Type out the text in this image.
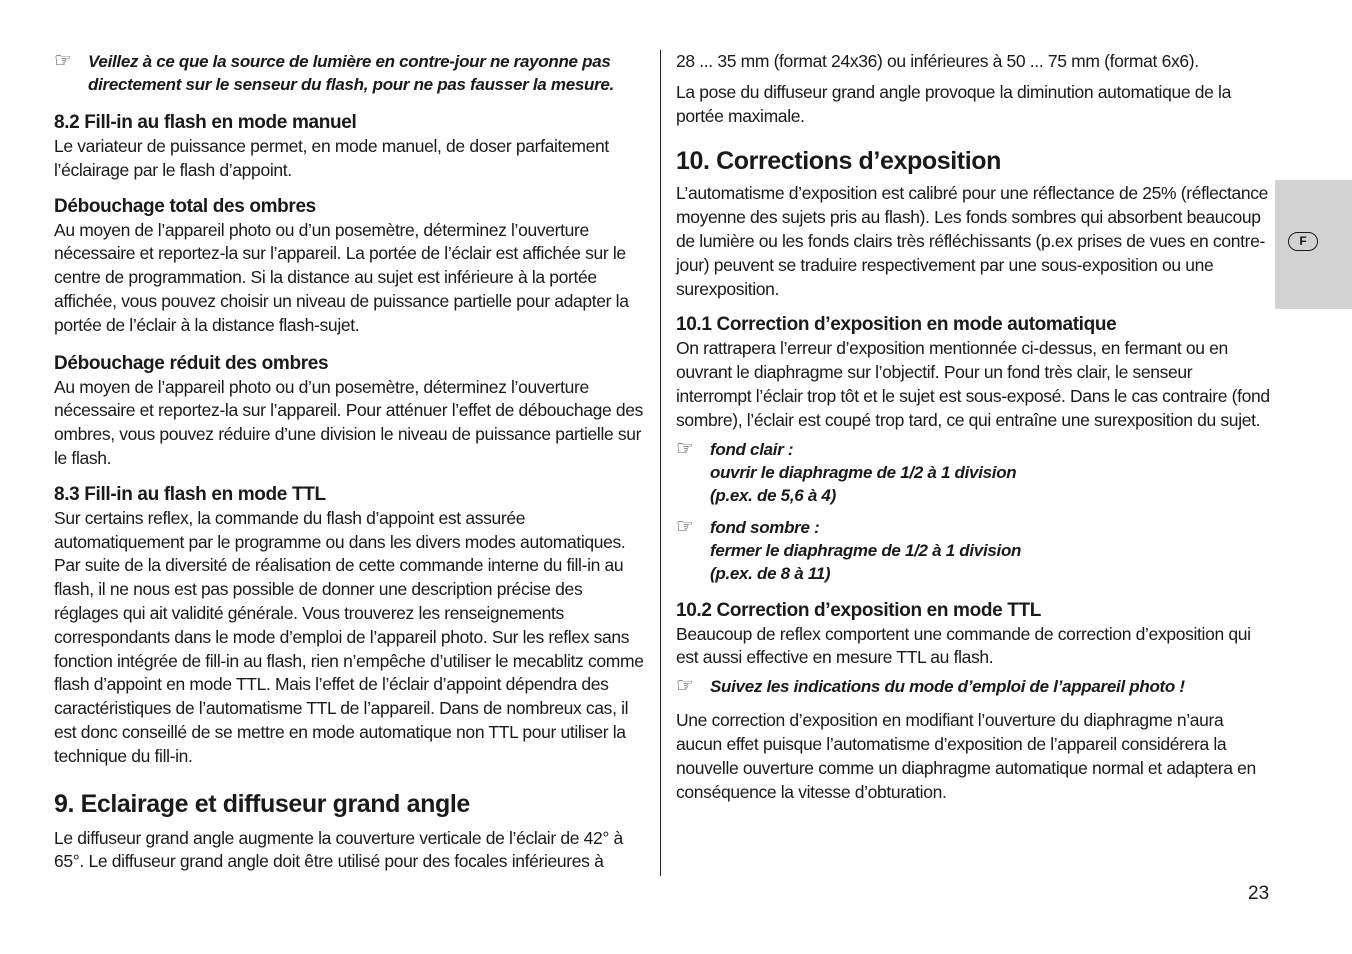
☞ Veillez à ce que la source de lumière en contre-jour ne rayonne pas
directement sur le senseur du flash, pour ne pas fausser la mesure.
8.2 Fill-in au flash en mode manuel

Le variateur de puissance permet, en mode manuel, de doser parfaitement l’éclairage par le flash d’appoint.

Débouchage total des ombres

Au moyen de l’appareil photo ou d’un posemètre, déterminez l’ouverture nécessaire et reportez-la sur l’appareil. La portée de l’éclair est affichée sur le centre de programmation. Si la distance au sujet est inférieure à la portée affichée, vous pouvez choisir un niveau de puissance partielle pour adapter la portée de l’éclair à la distance flash-sujet.

Débouchage réduit des ombres

Au moyen de l’appareil photo ou d’un posemètre, déterminez l’ouverture nécessaire et reportez-la sur l’appareil. Pour atténuer l’effet de débouchage des ombres, vous pouvez réduire d’une division le niveau de puissance partielle sur le flash.

8.3 Fill-in au flash en mode TTL

Sur certains reflex, la commande du flash d’appoint est assurée automatiquement par le programme ou dans les divers modes automatiques. Par suite de la diversité de réalisation de cette commande interne du fill-in au flash, il ne nous est pas possible de donner une description précise des réglages qui ait validité générale. Vous trouverez les renseignements correspondants dans le mode d’emploi de l’appareil photo. Sur les reflex sans fonction intégrée de fill-in au flash, rien n’empêche d’utiliser le mecablitz comme flash d’appoint en mode TTL. Mais l’effet de l’éclair d’appoint dépendra des caractéristiques de l’automatisme TTL de l’appareil. Dans de nombreux cas, il est donc conseillé de se mettre en mode automatique non TTL pour utiliser la technique du fill-in.

9. Eclairage et diffuseur grand angle

Le diffuseur grand angle augmente la couverture verticale de l’éclair de 42° à 65°. Le diffuseur grand angle doit être utilisé pour des focales inférieures à

28 ... 35 mm (format 24x36) ou inférieures à 50 ... 75 mm (format 6x6).

La pose du diffuseur grand angle provoque la diminution automatique de la portée maximale.

10. Corrections d’exposition

L’automatisme d’exposition est calibré pour une réflectance de 25% (réflectance moyenne des sujets pris au flash). Les fonds sombres qui absorbent beaucoup de lumière ou les fonds clairs très réfléchissants (p.ex prises de vues en contre-jour) peuvent se traduire respectivement par une sous-exposition ou une surexposition.

10.1 Correction d’exposition en mode automatique

On rattrapera l’erreur d’exposition mentionnée ci-dessus, en fermant ou en ouvrant le diaphragme sur l’objectif. Pour un fond très clair, le senseur interrompt l’éclair trop tôt et le sujet est sous-exposé. Dans le cas contraire (fond sombre), l’éclair est coupé trop tard, ce qui entraîne une surexposition du sujet.

☞ fond clair :
ouvrir le diaphragme de 1/2 à 1 division
(p.ex. de 5,6 à 4)
☞ fond sombre :
fermer le diaphragme de 1/2 à 1 division
(p.ex. de 8 à 11)
10.2 Correction d’exposition en mode TTL

Beaucoup de reflex comportent une commande de correction d’exposition qui est aussi effective en mesure TTL au flash.

☞ Suivez les indications du mode d’emploi de l’appareil photo !

Une correction d’exposition en modifiant l’ouverture du diaphragme n’aura aucun effet puisque l’automatisme d’exposition de l’appareil considérera la nouvelle ouverture comme un diaphragme automatique normal et adaptera en conséquence la vitesse d’obturation.

F
23
